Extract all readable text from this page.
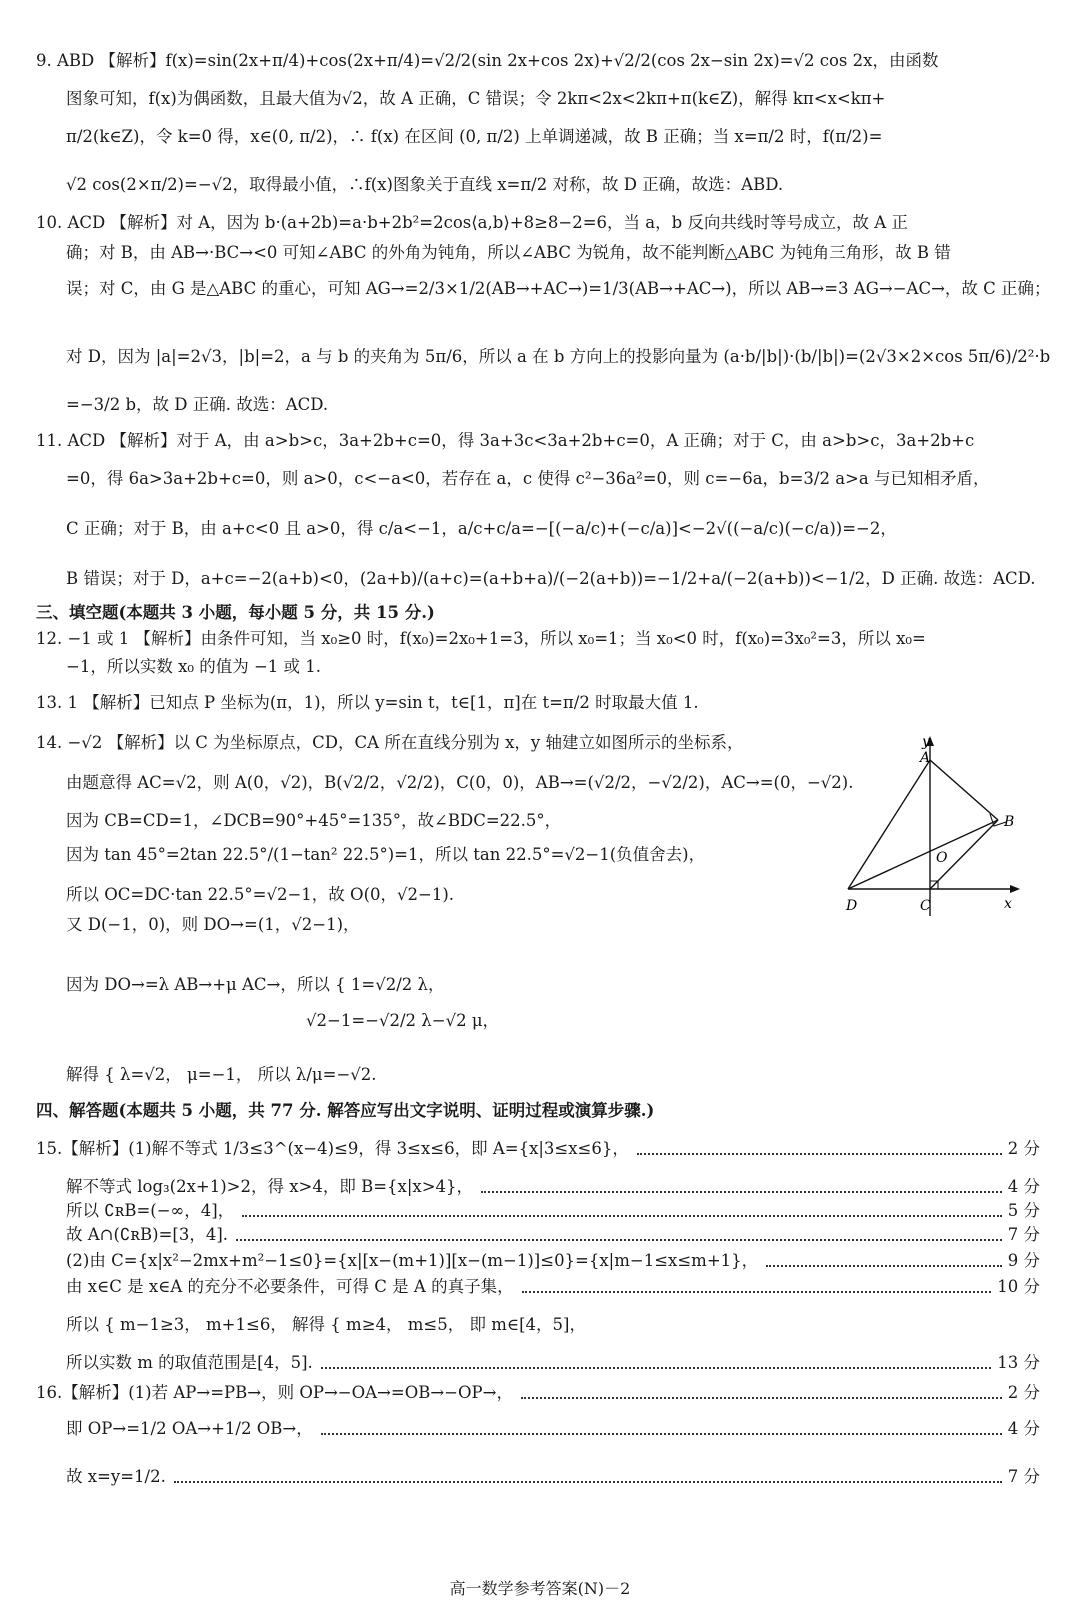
9. ABD 【解析】f(x)=sin(2x+π/4)+cos(2x+π/4)=√2/2(sin 2x+cos 2x)+√2/2(cos 2x−sin 2x)=√2 cos 2x，由函数
图象可知，f(x)为偶函数，且最大值为√2，故 A 正确，C 错误；令 2kπ<2x<2kπ+π(k∈Z)，解得 kπ<x<kπ+
π/2(k∈Z)，令 k=0 得，x∈(0, π/2)，∴ f(x) 在区间 (0, π/2) 上单调递减，故 B 正确；当 x=π/2 时，f(π/2)=
√2 cos(2×π/2)=−√2，取得最小值，∴f(x)图象关于直线 x=π/2 对称，故 D 正确，故选：ABD.
10. ACD 【解析】对 A，因为 b·(a+2b)=a·b+2b²=2cos⟨a,b⟩+8≥8−2=6，当 a，b 反向共线时等号成立，故 A 正
确；对 B，由 AB→·BC→<0 可知∠ABC 的外角为钝角，所以∠ABC 为锐角，故不能判断△ABC 为钝角三角形，故 B 错
误；对 C，由 G 是△ABC 的重心，可知 AG→=2/3×1/2(AB→+AC→)=1/3(AB→+AC→)，所以 AB→=3 AG→−AC→，故 C 正确；
对 D，因为 |a|=2√3，|b|=2，a 与 b 的夹角为 5π/6，所以 a 在 b 方向上的投影向量为 (a·b/|b|)·(b/|b|)=(2√3×2×cos 5π/6)/2²·b
=−3/2 b，故 D 正确. 故选：ACD.
11. ACD 【解析】对于 A，由 a>b>c，3a+2b+c=0，得 3a+3c<3a+2b+c=0，A 正确；对于 C，由 a>b>c，3a+2b+c
=0，得 6a>3a+2b+c=0，则 a>0，c<−a<0，若存在 a，c 使得 c²−36a²=0，则 c=−6a，b=3/2 a>a 与已知相矛盾，
C 正确；对于 B，由 a+c<0 且 a>0，得 c/a<−1，a/c+c/a=−[(−a/c)+(−c/a)]<−2√((−a/c)(−c/a))=−2，
B 错误；对于 D，a+c=−2(a+b)<0，(2a+b)/(a+c)=(a+b+a)/(−2(a+b))=−1/2+a/(−2(a+b))<−1/2，D 正确. 故选：ACD.
三、填空题(本题共 3 小题，每小题 5 分，共 15 分.)
12. −1 或 1 【解析】由条件可知，当 x₀≥0 时，f(x₀)=2x₀+1=3，所以 x₀=1；当 x₀<0 时，f(x₀)=3x₀²=3，所以 x₀=
−1，所以实数 x₀ 的值为 −1 或 1.
13. 1 【解析】已知点 P 坐标为(π，1)，所以 y=sin t，t∈[1，π]在 t=π/2 时取最大值 1.
14. −√2 【解析】以 C 为坐标原点，CD，CA 所在直线分别为 x，y 轴建立如图所示的坐标系，
由题意得 AC=√2，则 A(0，√2)，B(√2/2，√2/2)，C(0，0)，AB→=(√2/2，−√2/2)，AC→=(0，−√2).
因为 CB=CD=1，∠DCB=90°+45°=135°，故∠BDC=22.5°，
因为 tan 45°=2tan 22.5°/(1−tan² 22.5°)=1，所以 tan 22.5°=√2−1(负值舍去)，
所以 OC=DC·tan 22.5°=√2−1，故 O(0，√2−1).
又 D(−1，0)，则 DO→=(1，√2−1)，
因为 DO→=λ AB→+μ AC→，所以 { 1=√2/2 λ，
√2−1=−√2/2 λ−√2 μ，
解得 { λ=√2， μ=−1， 所以 λ/μ=−√2.
y
A
B
O
D	C	x
四、解答题(本题共 5 小题，共 77 分. 解答应写出文字说明、证明过程或演算步骤.)
15.【解析】(1)解不等式 1/3≤3^(x−4)≤9，得 3≤x≤6，即 A={x|3≤x≤6}，	2 分
解不等式 log₃(2x+1)>2，得 x>4，即 B={x|x>4}，	4 分
所以 ∁ʀB=(−∞，4]，	5 分
故 A∩(∁ʀB)=[3，4].	7 分
(2)由 C={x|x²−2mx+m²−1≤0}={x|[x−(m+1)][x−(m−1)]≤0}={x|m−1≤x≤m+1}，	9 分
由 x∈C 是 x∈A 的充分不必要条件，可得 C 是 A 的真子集，	10 分
所以 { m−1≥3， m+1≤6， 解得 { m≥4， m≤5， 即 m∈[4，5]，
所以实数 m 的取值范围是[4，5].	13 分
16.【解析】(1)若 AP→=PB→，则 OP→−OA→=OB→−OP→，	2 分
即 OP→=1/2 OA→+1/2 OB→，	4 分
故 x=y=1/2.	7 分
高一数学参考答案(N)－2
